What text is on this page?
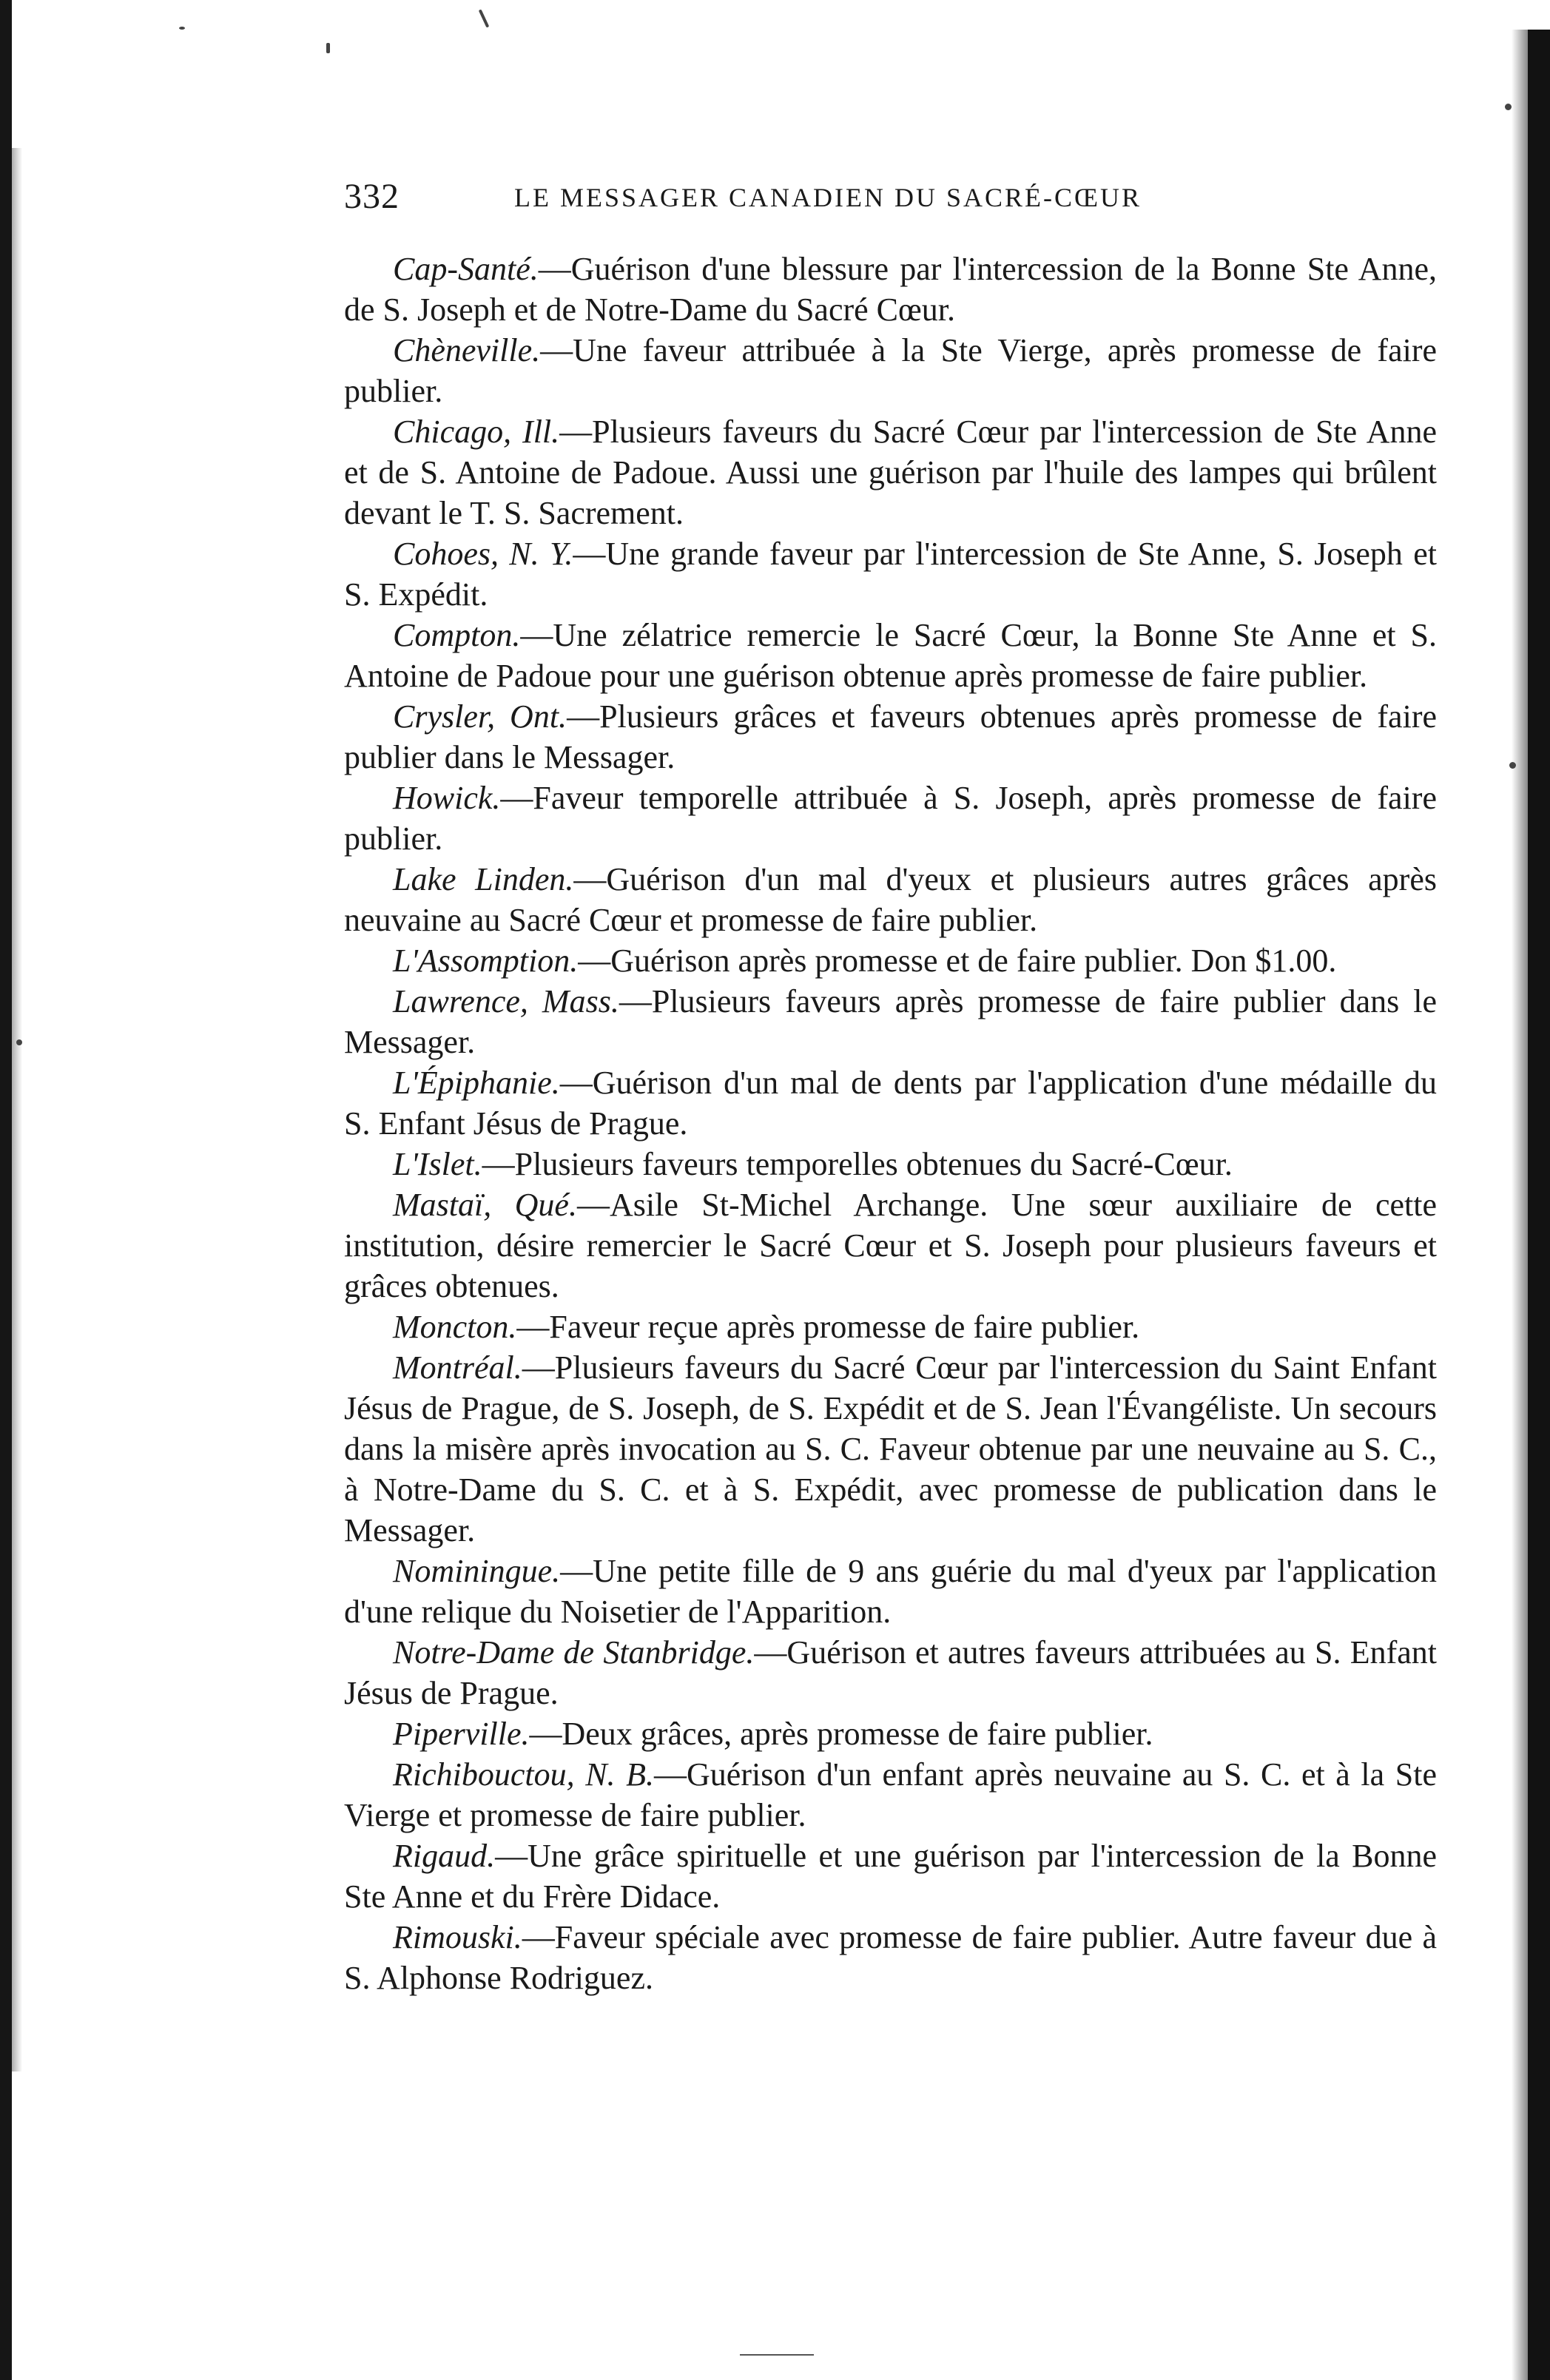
332	LE MESSAGER CANADIEN DU SACRÉ-CŒUR

Cap-Santé.—Guérison d'une blessure par l'intercession de la Bonne Ste Anne, de S. Joseph et de Notre-Dame du Sacré Cœur.

Chèneville.—Une faveur attribuée à la Ste Vierge, après promesse de faire publier.

Chicago, Ill.—Plusieurs faveurs du Sacré Cœur par l'intercession de Ste Anne et de S. Antoine de Padoue. Aussi une guérison par l'huile des lampes qui brûlent devant le T. S. Sacrement.

Cohoes, N. Y.—Une grande faveur par l'intercession de Ste Anne, S. Joseph et S. Expédit.

Compton.—Une zélatrice remercie le Sacré Cœur, la Bonne Ste Anne et S. Antoine de Padoue pour une guérison obtenue après promesse de faire publier.

Crysler, Ont.—Plusieurs grâces et faveurs obtenues après promesse de faire publier dans le Messager.

Howick.—Faveur temporelle attribuée à S. Joseph, après promesse de faire publier.

Lake Linden.—Guérison d'un mal d'yeux et plusieurs autres grâces après neuvaine au Sacré Cœur et promesse de faire publier.

L'Assomption.—Guérison après promesse et de faire publier. Don $1.00.

Lawrence, Mass.—Plusieurs faveurs après promesse de faire publier dans le Messager.

L'Épiphanie.—Guérison d'un mal de dents par l'application d'une médaille du S. Enfant Jésus de Prague.

L'Islet.—Plusieurs faveurs temporelles obtenues du Sacré-Cœur.

Mastaï, Qué.—Asile St-Michel Archange. Une sœur auxiliaire de cette institution, désire remercier le Sacré Cœur et S. Joseph pour plusieurs faveurs et grâces obtenues.

Moncton.—Faveur reçue après promesse de faire publier.

Montréal.—Plusieurs faveurs du Sacré Cœur par l'intercession du Saint Enfant Jésus de Prague, de S. Joseph, de S. Expédit et de S. Jean l'Évangéliste. Un secours dans la misère après invocation au S. C. Faveur obtenue par une neuvaine au S. C., à Notre-Dame du S. C. et à S. Expédit, avec promesse de publication dans le Messager.

Nominingue.—Une petite fille de 9 ans guérie du mal d'yeux par l'application d'une relique du Noisetier de l'Apparition.

Notre-Dame de Stanbridge.—Guérison et autres faveurs attribuées au S. Enfant Jésus de Prague.

Piperville.—Deux grâces, après promesse de faire publier.

Richibouctou, N. B.—Guérison d'un enfant après neuvaine au S. C. et à la Ste Vierge et promesse de faire publier.

Rigaud.—Une grâce spirituelle et une guérison par l'intercession de la Bonne Ste Anne et du Frère Didace.

Rimouski.—Faveur spéciale avec promesse de faire publier. Autre faveur due à S. Alphonse Rodriguez.
